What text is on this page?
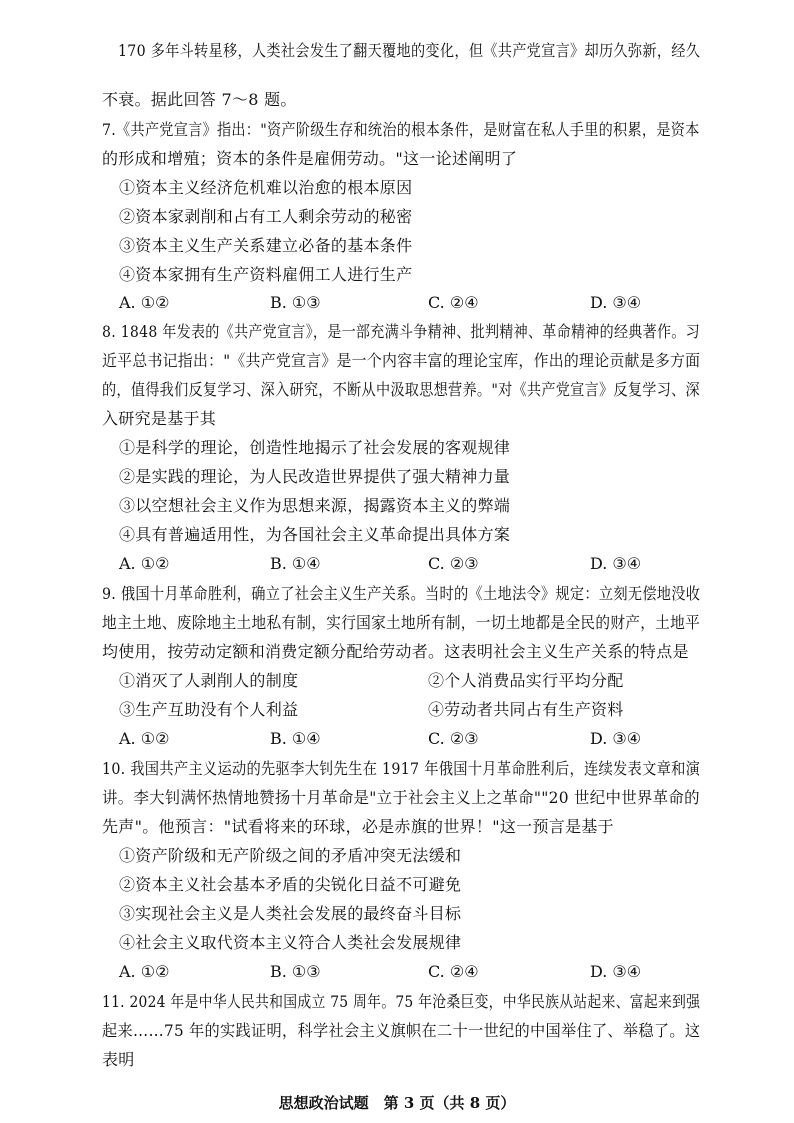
170 多年斗转星移，人类社会发生了翻天覆地的变化，但《共产党宣言》却历久弥新，经久
不衰。据此回答 7～8 题。
7.《共产党宣言》指出："资产阶级生存和统治的根本条件，是财富在私人手里的积累，是资本
的形成和增殖；资本的条件是雇佣劳动。"这一论述阐明了
①资本主义经济危机难以治愈的根本原因
②资本家剥削和占有工人剩余劳动的秘密
③资本主义生产关系建立必备的基本条件
④资本家拥有生产资料雇佣工人进行生产
A. ①②	B. ①③	C. ②④	D. ③④
8. 1848 年发表的《共产党宣言》，是一部充满斗争精神、批判精神、革命精神的经典著作。习
近平总书记指出："《共产党宣言》是一个内容丰富的理论宝库，作出的理论贡献是多方面
的，值得我们反复学习、深入研究，不断从中汲取思想营养。"对《共产党宣言》反复学习、深
入研究是基于其
①是科学的理论，创造性地揭示了社会发展的客观规律
②是实践的理论，为人民改造世界提供了强大精神力量
③以空想社会主义作为思想来源，揭露资本主义的弊端
④具有普遍适用性，为各国社会主义革命提出具体方案
A. ①②	B. ①④	C. ②③	D. ③④
9. 俄国十月革命胜利，确立了社会主义生产关系。当时的《土地法令》规定：立刻无偿地没收
地主土地、废除地主土地私有制，实行国家土地所有制，一切土地都是全民的财产，土地平
均使用，按劳动定额和消费定额分配给劳动者。这表明社会主义生产关系的特点是
①消灭了人剥削人的制度	②个人消费品实行平均分配
③生产互助没有个人利益	④劳动者共同占有生产资料
A. ①②	B. ①④	C. ②③	D. ③④
10. 我国共产主义运动的先驱李大钊先生在 1917 年俄国十月革命胜利后，连续发表文章和演
讲。李大钊满怀热情地赞扬十月革命是"立于社会主义上之革命""20 世纪中世界革命的
先声"。他预言："试看将来的环球，必是赤旗的世界！"这一预言是基于
①资产阶级和无产阶级之间的矛盾冲突无法缓和
②资本主义社会基本矛盾的尖锐化日益不可避免
③实现社会主义是人类社会发展的最终奋斗目标
④社会主义取代资本主义符合人类社会发展规律
A. ①②	B. ①③	C. ②④	D. ③④
11. 2024 年是中华人民共和国成立 75 周年。75 年沧桑巨变，中华民族从站起来、富起来到强
起来……75 年的实践证明，科学社会主义旗帜在二十一世纪的中国举住了、举稳了。这
表明
思想政治试题　第 3 页（共 8 页）
